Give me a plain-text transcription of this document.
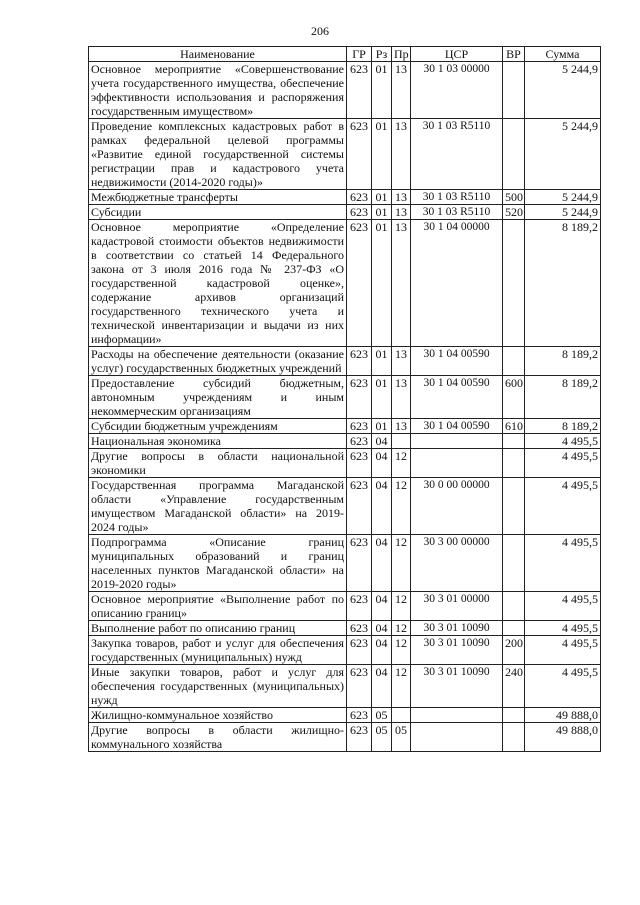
206
Наименование	ГР	Рз	Пр	ЦСР	ВР	Сумма
Основное мероприятие «Совершенствование учета государственного имущества, обеспечение эффективности использования и распоряжения государственным имуществом»	623	01	13	30 1 03 00000		5 244,9
Проведение комплексных кадастровых работ в рамках федеральной целевой программы «Развитие единой государственной системы регистрации прав и кадастрового учета недвижимости (2014-2020 годы)»	623	01	13	30 1 03 R5110		5 244,9
Межбюджетные трансферты	623	01	13	30 1 03 R5110	500	5 244,9
Субсидии	623	01	13	30 1 03 R5110	520	5 244,9
Основное мероприятие «Определение кадастровой стоимости объектов недвижимости в соответствии со статьей 14 Федерального закона от 3 июля 2016 года № 237-ФЗ «О государственной кадастровой оценке», содержание архивов организаций государственного технического учета и технической инвентаризации и выдачи из них информации»	623	01	13	30 1 04 00000		8 189,2
Расходы на обеспечение деятельности (оказание услуг) государственных бюджетных учреждений	623	01	13	30 1 04 00590		8 189,2
Предоставление субсидий бюджетным, автономным учреждениям и иным некоммерческим организациям	623	01	13	30 1 04 00590	600	8 189,2
Субсидии бюджетным учреждениям	623	01	13	30 1 04 00590	610	8 189,2
Национальная экономика	623	04				4 495,5
Другие вопросы в области национальной экономики	623	04	12			4 495,5
Государственная программа Магаданской области «Управление государственным имуществом Магаданской области» на 2019-2024 годы»	623	04	12	30 0 00 00000		4 495,5
Подпрограмма «Описание границ муниципальных образований и границ населенных пунктов Магаданской области» на 2019-2020 годы»	623	04	12	30 3 00 00000		4 495,5
Основное мероприятие «Выполнение работ по описанию границ»	623	04	12	30 3 01 00000		4 495,5
Выполнение работ по описанию границ	623	04	12	30 3 01 10090		4 495,5
Закупка товаров, работ и услуг для обеспечения государственных (муниципальных) нужд	623	04	12	30 3 01 10090	200	4 495,5
Иные закупки товаров, работ и услуг для обеспечения государственных (муниципальных) нужд	623	04	12	30 3 01 10090	240	4 495,5
Жилищно-коммунальное хозяйство	623	05				49 888,0
Другие вопросы в области жилищно-коммунального хозяйства	623	05	05			49 888,0
